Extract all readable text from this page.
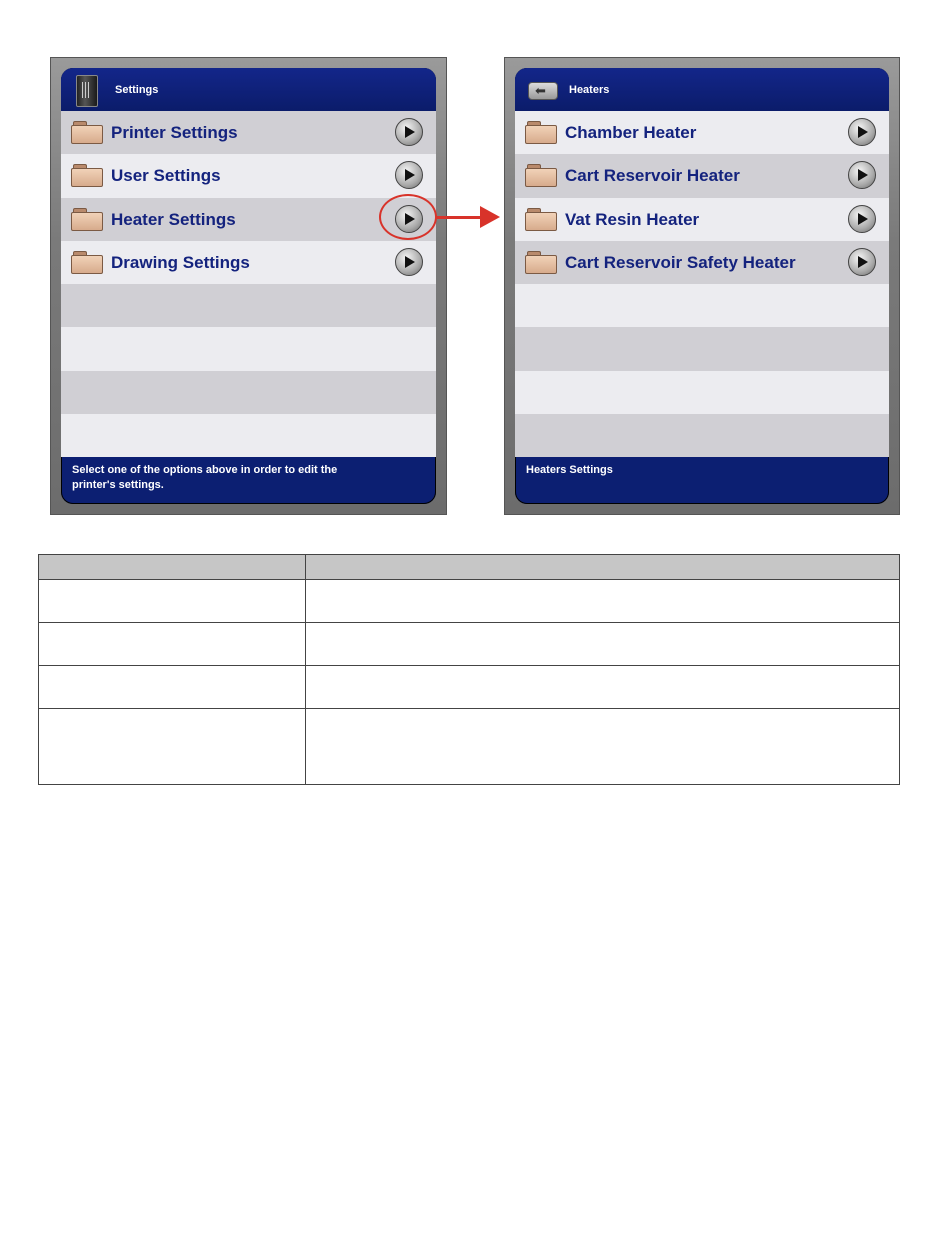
Settings
Printer Settings
User Settings
Heater Settings
Drawing Settings
Select one of the options above in order to edit the printer's settings.
⬅ Heaters
Chamber Heater
Cart Reservoir Heater
Vat Resin Heater
Cart Reservoir Safety Heater
Heaters Settings
